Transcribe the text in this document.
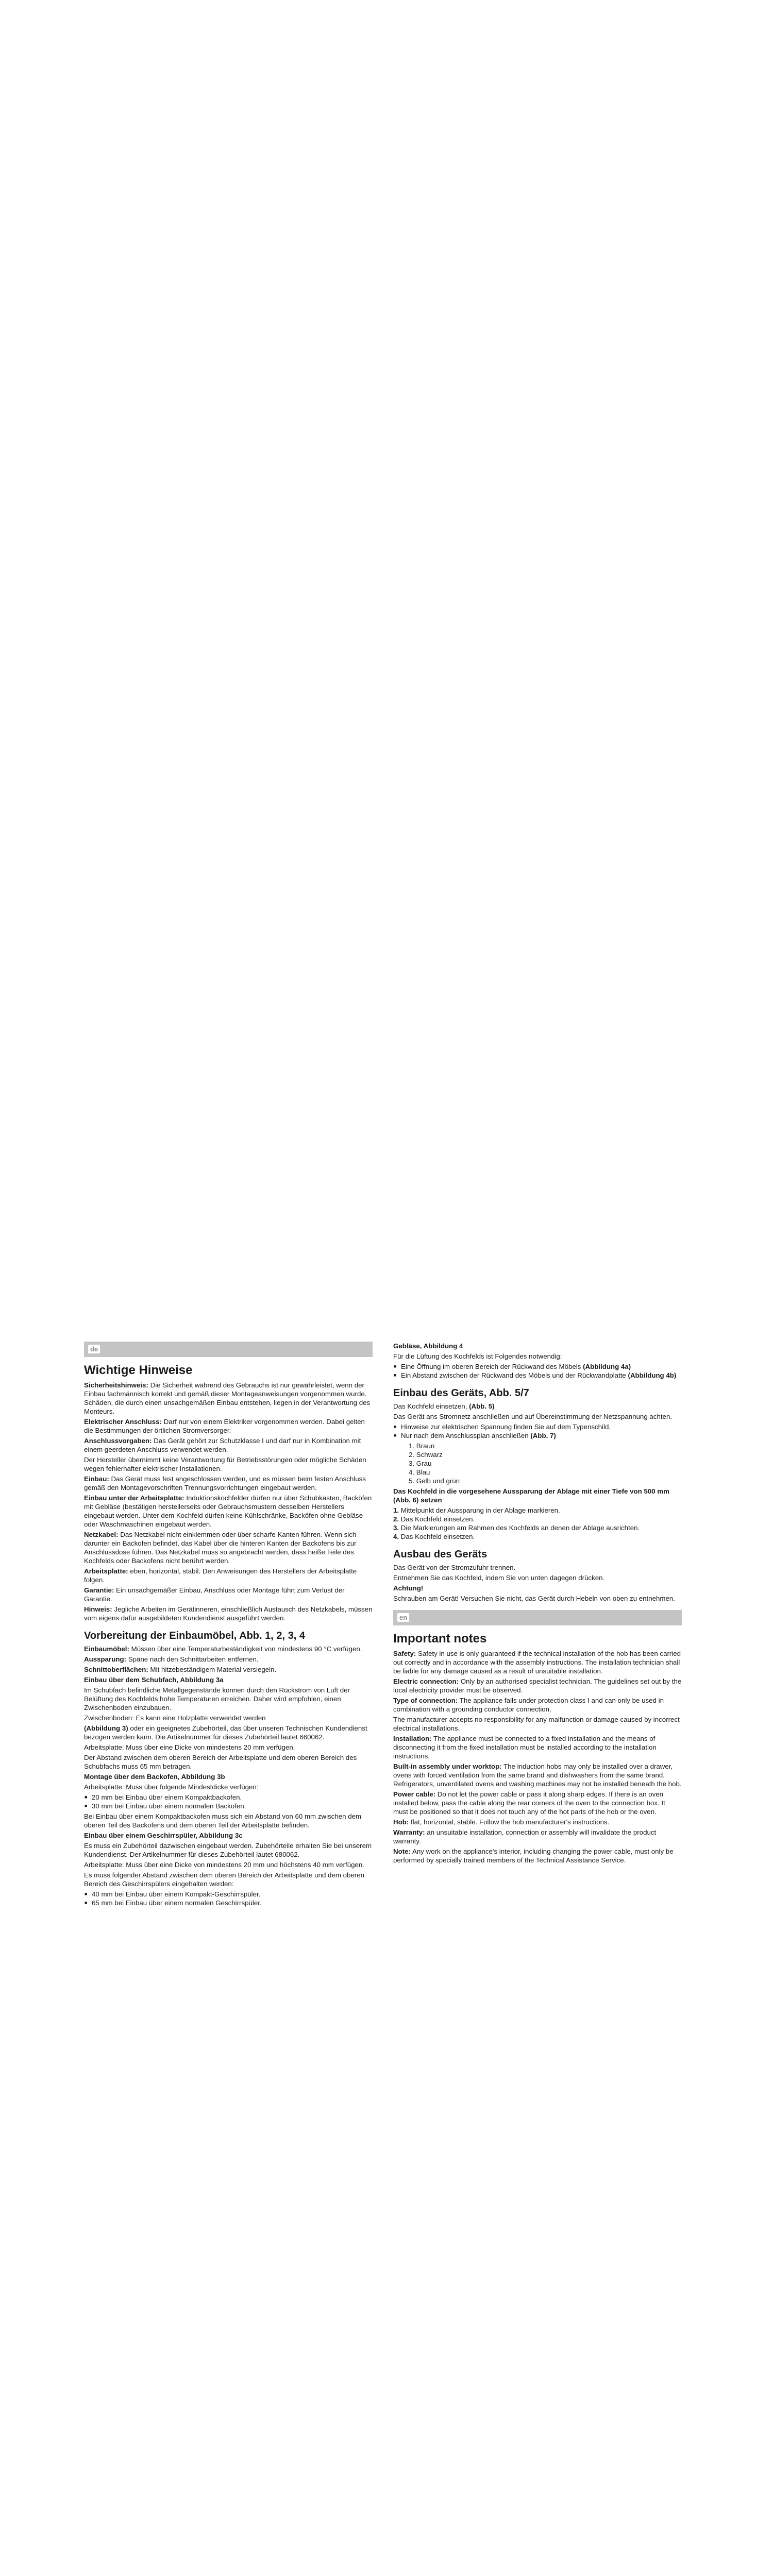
de
Wichtige Hinweise

Sicherheitshinweis: Die Sicherheit während des Gebrauchs ist nur gewährleistet, wenn der Einbau fachmännisch korrekt und gemäß dieser Montageanweisungen vorgenommen wurde. Schäden, die durch einen unsachgemäßen Einbau entstehen, liegen in der Verantwortung des Monteurs.

Elektrischer Anschluss: Darf nur von einem Elektriker vorgenommen werden. Dabei gelten die Bestimmungen der örtlichen Stromversorger.

Anschlussvorgaben: Das Gerät gehört zur Schutzklasse I und darf nur in Kombination mit einem geerdeten Anschluss verwendet werden.

Der Hersteller übernimmt keine Verantwortung für Betriebsstörungen oder mögliche Schäden wegen fehlerhafter elektrischer Installationen.

Einbau: Das Gerät muss fest angeschlossen werden, und es müssen beim festen Anschluss gemäß den Montagevorschriften Trennungsvorrichtungen eingebaut werden.

Einbau unter der Arbeitsplatte: Induktionskochfelder dürfen nur über Schubkästen, Backöfen mit Gebläse (bestätigen herstellerseits oder Gebrauchsmustern desselben Herstellers eingebaut werden. Unter dem Kochfeld dürfen keine Kühlschränke, Backöfen ohne Gebläse oder Waschmaschinen eingebaut werden.

Netzkabel: Das Netzkabel nicht einklemmen oder über scharfe Kanten führen. Wenn sich darunter ein Backofen befindet, das Kabel über die hinteren Kanten der Backofens bis zur Anschlussdose führen. Das Netzkabel muss so angebracht werden, dass heiße Teile des Kochfelds oder Backofens nicht berührt werden.

Arbeitsplatte: eben, horizontal, stabil. Den Anweisungen des Herstellers der Arbeitsplatte folgen.

Garantie: Ein unsachgemäßer Einbau, Anschluss oder Montage führt zum Verlust der Garantie.

Hinweis: Jegliche Arbeiten im Gerätinneren, einschließlich Austausch des Netzkabels, müssen vom eigens dafür ausgebildeten Kundendienst ausgeführt werden.

Vorbereitung der Einbaumöbel, Abb. 1, 2, 3, 4

Einbaumöbel: Müssen über eine Temperaturbeständigkeit von mindestens 90 °C verfügen.

Aussparung: Späne nach den Schnittarbeiten entfernen.

Schnittoberflächen: Mit hitzebeständigem Material versiegeln.

Einbau über dem Schubfach, Abbildung 3a

Im Schubfach befindliche Metallgegenstände können durch den Rückstrom von Luft der Belüftung des Kochfelds hohe Temperaturen erreichen. Daher wird empfohlen, einen Zwischenboden einzubauen.

Zwischenboden: Es kann eine Holzplatte verwendet werden

(Abbildung 3) oder ein geeignetes Zubehörteil, das über unseren Technischen Kundendienst bezogen werden kann. Die Artikelnummer für dieses Zubehörteil lautet 660062.

Arbeitsplatte: Muss über eine Dicke von mindestens 20 mm verfügen.

Der Abstand zwischen dem oberen Bereich der Arbeitsplatte und dem oberen Bereich des Schubfachs muss 65 mm betragen.

Montage über dem Backofen, Abbildung 3b

Arbeitsplatte: Muss über folgende Mindestdicke verfügen:

■ 20 mm bei Einbau über einem Kompaktbackofen.
■ 30 mm bei Einbau über einem normalen Backofen.

Bei Einbau über einem Kompaktbackofen muss sich ein Abstand von 60 mm zwischen dem oberen Teil des Backofens und dem oberen Teil der Arbeitsplatte befinden.

Einbau über einem Geschirrspüler, Abbildung 3c

Es muss ein Zubehörteil dazwischen eingebaut werden. Zubehörteile erhalten Sie bei unserem Kundendienst. Der Artikelnummer für dieses Zubehörteil lautet 680062.

Arbeitsplatte: Muss über eine Dicke von mindestens 20 mm und höchstens 40 mm verfügen.

Es muss folgender Abstand zwischen dem oberen Bereich der Arbeitsplatte und dem oberen Bereich des Geschirrspülers eingehalten werden:

■ 40 mm bei Einbau über einem Kompakt-Geschirrspüler.
■ 65 mm bei Einbau über einem normalen Geschirrspüler.

Gebläse, Abbildung 4

Für die Lüftung des Kochfelds ist Folgendes notwendig:

■ Eine Öffnung im oberen Bereich der Rückwand des Möbels (Abbildung 4a)
■ Ein Abstand zwischen der Rückwand des Möbels und der Rückwandplatte (Abbildung 4b)
Einbau des Geräts, Abb. 5/7

Das Kochfeld einsetzen, (Abb. 5)

Das Gerät ans Stromnetz anschließen und auf Übereinstimmung der Netzspannung achten.

■ Hinweise zur elektrischen Spannung finden Sie auf dem Typenschild.
■ Nur nach dem Anschlussplan anschließen (Abb. 7)
1. Braun
2. Schwarz
3. Grau
4. Blau
5. Gelb und grün

Das Kochfeld in die vorgesehene Aussparung der Ablage mit einer Tiefe von 500 mm (Abb. 6) setzen

1. Mittelpunkt der Aussparung in der Ablage markieren.
2. Das Kochfeld einsetzen.
3. Die Markierungen am Rahmen des Kochfelds an denen der Ablage ausrichten.
4. Das Kochfeld einsetzen.
Ausbau des Geräts

Das Gerät von der Stromzufuhr trennen.

Entnehmen Sie das Kochfeld, indem Sie von unten dagegen drücken.

Achtung!

Schrauben am Gerät! Versuchen Sie nicht, das Gerät durch Hebeln von oben zu entnehmen.

en
Important notes

Safety: Safety in use is only guaranteed if the technical installation of the hob has been carried out correctly and in accordance with the assembly instructions. The installation technician shall be liable for any damage caused as a result of unsuitable installation.

Electric connection: Only by an authorised specialist technician. The guidelines set out by the local electricity provider must be observed.

Type of connection: The appliance falls under protection class I and can only be used in combination with a grounding conductor connection.

The manufacturer accepts no responsibility for any malfunction or damage caused by incorrect electrical installations.

Installation: The appliance must be connected to a fixed installation and the means of disconnecting it from the fixed installation must be installed according to the installation instructions.

Built-in assembly under worktop: The induction hobs may only be installed over a drawer, ovens with forced ventilation from the same brand and dishwashers from the same brand. Refrigerators, unventilated ovens and washing machines may not be installed beneath the hob.

Power cable: Do not let the power cable or pass it along sharp edges. If there is an oven installed below, pass the cable along the rear corners of the oven to the connection box. It must be positioned so that it does not touch any of the hot parts of the hob or the oven.

Hob: flat, horizontal, stable. Follow the hob manufacturer's instructions.

Warranty: an unsuitable installation, connection or assembly will invalidate the product warranty.

Note: Any work on the appliance's interior, including changing the power cable, must only be performed by specially trained members of the Technical Assistance Service.
